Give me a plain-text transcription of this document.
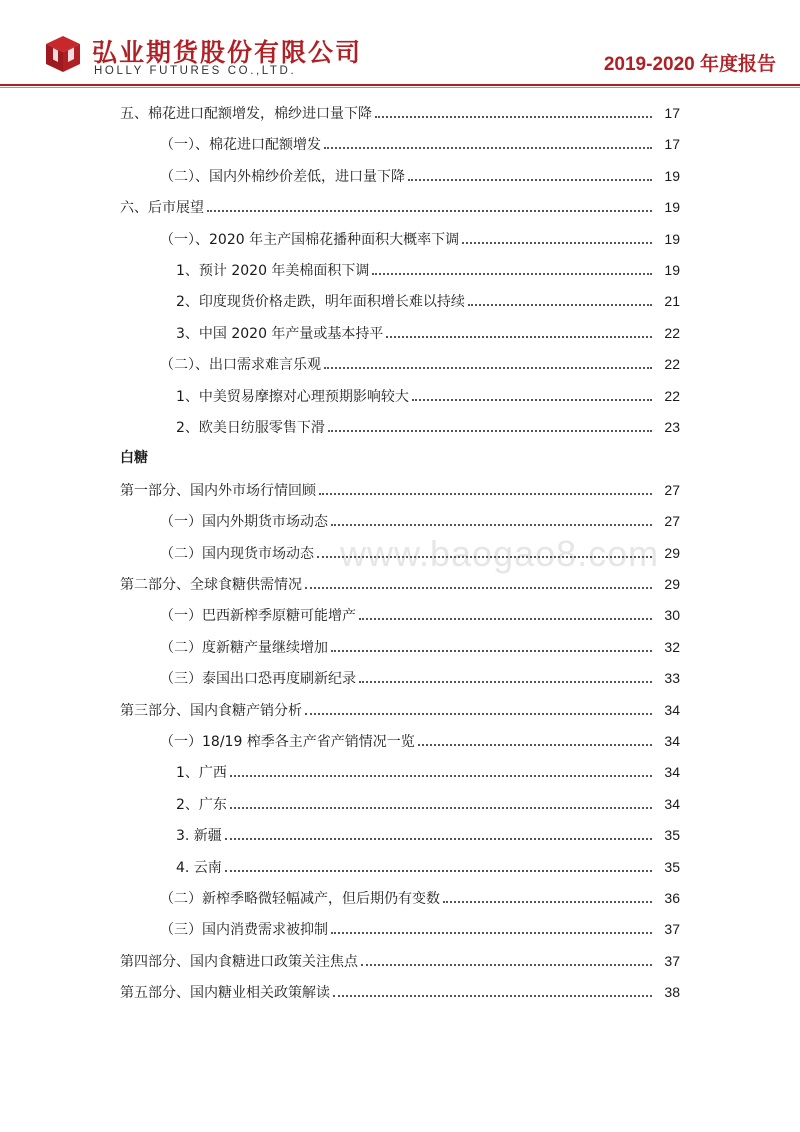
弘业期货股份有限公司
HOLLY FUTURES CO.,LTD.	2019-2020 年度报告
www.baogao8.com
白糖
五、棉花进口配额增发，棉纱进口量下降	17
（一）、棉花进口配额增发	17
（二）、国内外棉纱价差低，进口量下降	19
六、后市展望	19
（一）、2020 年主产国棉花播种面积大概率下调	19
1、预计 2020 年美棉面积下调	19
2、印度现货价格走跌，明年面积增长难以持续	21
3、中国 2020 年产量或基本持平	22
（二）、出口需求难言乐观	22
1、中美贸易摩擦对心理预期影响较大	22
2、欧美日纺服零售下滑	23
第一部分、国内外市场行情回顾	27
（一）国内外期货市场动态	27
（二）国内现货市场动态	29
第二部分、全球食糖供需情况	29
（一）巴西新榨季原糖可能增产	30
（二）度新糖产量继续增加	32
（三）泰国出口恐再度刷新纪录	33
第三部分、国内食糖产销分析	34
（一）18/19 榨季各主产省产销情况一览	34
1、广西	34
2、广东	34
3. 新疆	35
4. 云南	35
（二）新榨季略微轻幅减产，但后期仍有变数	36
（三）国内消费需求被抑制	37
第四部分、国内食糖进口政策关注焦点	37
第五部分、国内糖业相关政策解读	38
